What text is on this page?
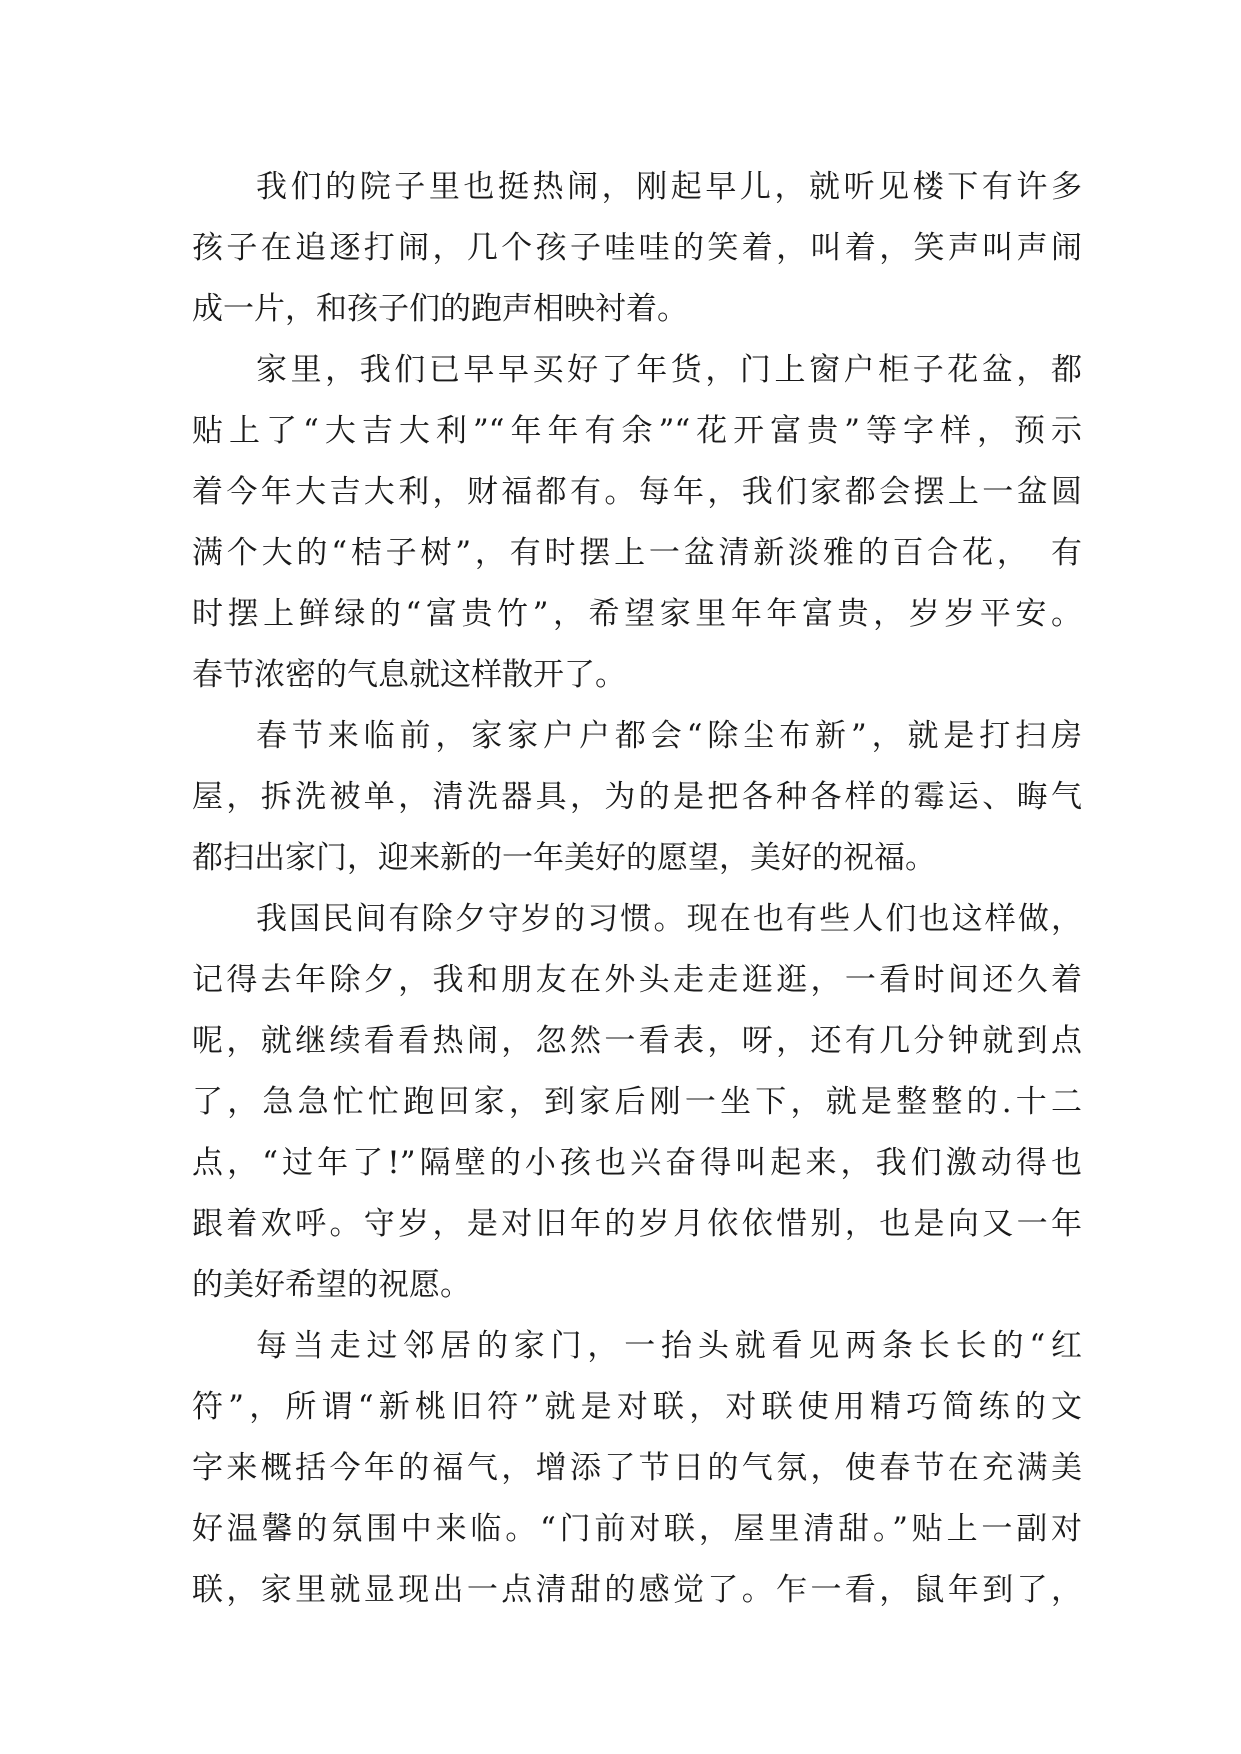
我们的院子里也挺热闹，刚起早儿，就听见楼下有许多
孩子在追逐打闹，几个孩子哇哇的笑着，叫着，笑声叫声闹
成一片，和孩子们的跑声相映衬着。
家里，我们已早早买好了年货，门上窗户柜子花盆，都
贴上了“大吉大利”“年年有余”“花开富贵”等字样，预示
着今年大吉大利，财福都有。每年，我们家都会摆上一盆圆
满个大的“桔子树”，有时摆上一盆清新淡雅的百合花，　有
时摆上鲜绿的“富贵竹”，希望家里年年富贵，岁岁平安。
春节浓密的气息就这样散开了。
春节来临前，家家户户都会“除尘布新”，就是打扫房
屋，拆洗被单，清洗器具，为的是把各种各样的霉运、晦气
都扫出家门，迎来新的一年美好的愿望，美好的祝福。
我国民间有除夕守岁的习惯。现在也有些人们也这样做，
记得去年除夕，我和朋友在外头走走逛逛，一看时间还久着
呢，就继续看看热闹，忽然一看表，呀，还有几分钟就到点
了，急急忙忙跑回家，到家后刚一坐下，就是整整的.十二
点，“过年了!”隔壁的小孩也兴奋得叫起来，我们激动得也
跟着欢呼。守岁，是对旧年的岁月依依惜别，也是向又一年
的美好希望的祝愿。
每当走过邻居的家门，一抬头就看见两条长长的“红
符”，所谓“新桃旧符”就是对联，对联使用精巧简练的文
字来概括今年的福气，增添了节日的气氛，使春节在充满美
好温馨的氛围中来临。“门前对联，屋里清甜。”贴上一副对
联，家里就显现出一点清甜的感觉了。乍一看，鼠年到了，
